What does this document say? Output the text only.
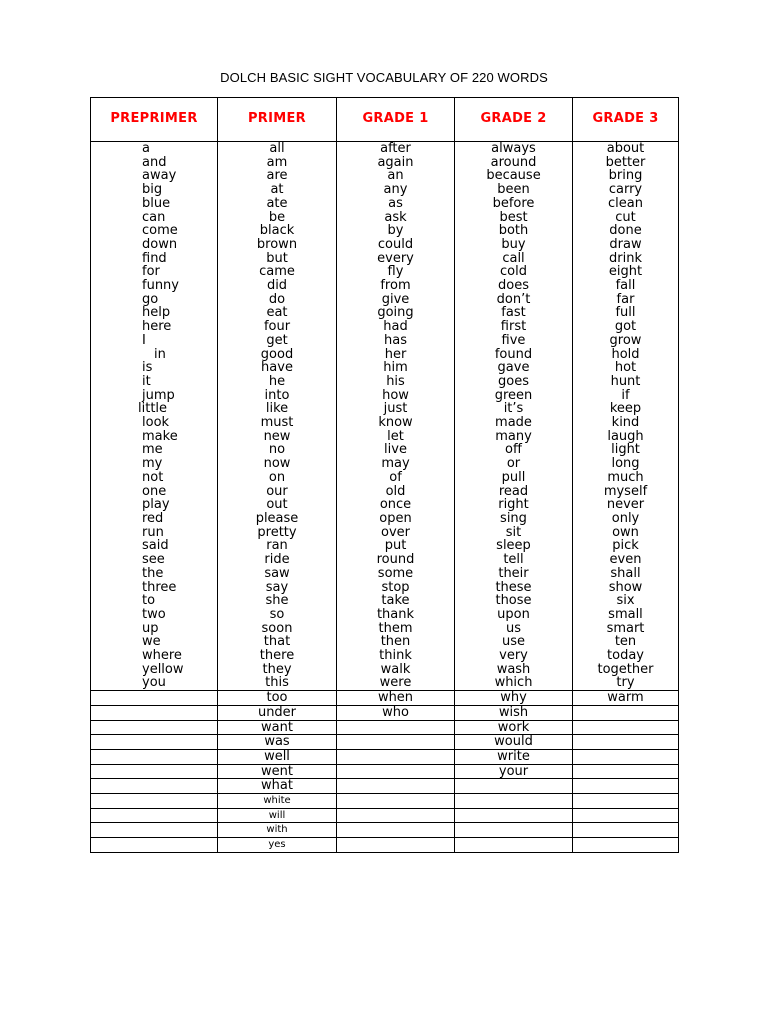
DOLCH BASIC SIGHT VOCABULARY OF 220 WORDS
PREPRIMER	PRIMER	GRADE 1	GRADE 2	GRADE 3
a	all	after	always	about
and	am	again	around	better
away	are	an	because	bring
big	at	any	been	carry
blue	ate	as	before	clean
can	be	ask	best	cut
come	black	by	both	done
down	brown	could	buy	draw
find	but	every	call	drink
for	came	fly	cold	eight
funny	did	from	does	fall
go	do	give	don’t	far
help	eat	going	fast	full
here	four	had	first	got
I	get	has	five	grow
in	good	her	found	hold
is	have	him	gave	hot
it	he	his	goes	hunt
jump	into	how	green	if
little	like	just	it’s	keep
look	must	know	made	kind
make	new	let	many	laugh
me	no	live	off	light
my	now	may	or	long
not	on	of	pull	much
one	our	old	read	myself
play	out	once	right	never
red	please	open	sing	only
run	pretty	over	sit	own
said	ran	put	sleep	pick
see	ride	round	tell	even
the	saw	some	their	shall
three	say	stop	these	show
to	she	take	those	six
two	so	thank	upon	small
up	soon	them	us	smart
we	that	then	use	ten
where	there	think	very	today
yellow	they	walk	wash	together
you	this	were	which	try
	too	when	why	warm
	under	who	wish	
	want		work	
	was		would	
	well		write	
	went		your	
	what			
	white			
	will			
	with			
	yes			
